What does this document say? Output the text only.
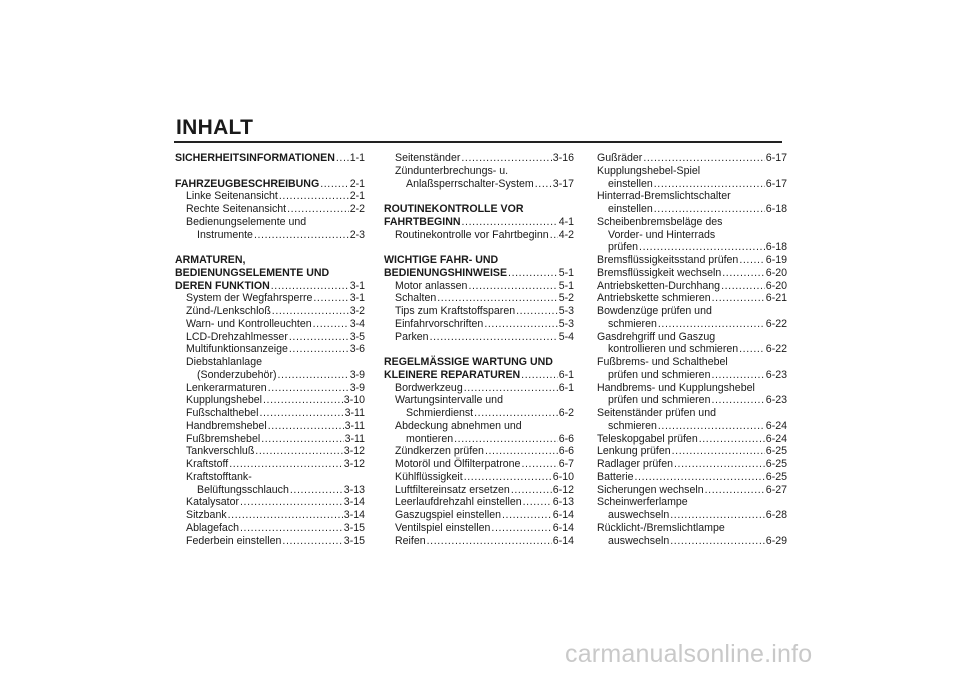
INHALT
SICHERHEITSINFORMATIONEN ..... 1-1
FAHRZEUGBESCHREIBUNG .....	2-1
Linke Seitenansicht .....	2-1
Rechte Seitenansicht .....	2-2
Bedienungselemente und
Instrumente .....	2-3
ARMATUREN,
BEDIENUNGSELEMENTE UND
DEREN FUNKTION .....	3-1
System der Wegfahrsperre .....	3-1
Zünd-/Lenkschloß .....	3-2
Warn- und Kontrolleuchten .....	3-4
LCD-Drehzahlmesser .....	3-5
Multifunktionsanzeige .....	3-6
Diebstahlanlage
(Sonderzubehör) .....	3-9
Lenkerarmaturen .....	3-9
Kupplungshebel .....	3-10
Fußschalthebel .....	3-11
Handbremshebel .....	3-11
Fußbremshebel .....	3-11
Tankverschluß .....	3-12
Kraftstoff .....	3-12
Kraftstofftank-
Belüftungsschlauch .....	3-13
Katalysator .....	3-14
Sitzbank .....	3-14
Ablagefach .....	3-15
Federbein einstellen .....	3-15
Seitenständer .....	3-16
Zündunterbrechungs- u.
Anlaßsperrschalter-System ..... 3-17
ROUTINEKONTROLLE VOR
FAHRTBEGINN .....	4-1
Routinekontrolle vor Fahrtbeginn ..... 4-2
WICHTIGE FAHR- UND
BEDIENUNGSHINWEISE .....	5-1
Motor anlassen .....	5-1
Schalten .....	5-2
Tips zum Kraftstoffsparen .....	5-3
Einfahrvorschriften .....	5-3
Parken .....	5-4
REGELMÄSSIGE WARTUNG UND
KLEINERE REPARATUREN .....	6-1
Bordwerkzeug .....	6-1
Wartungsintervalle und
Schmierdienst .....	6-2
Abdeckung abnehmen und
montieren .....	6-6
Zündkerzen prüfen .....	6-6
Motoröl und Ölfilterpatrone .....	6-7
Kühlflüssigkeit .....	6-10
Luftfiltereinsatz ersetzen .....	6-12
Leerlaufdrehzahl einstellen .....	6-13
Gaszugspiel einstellen .....	6-14
Ventilspiel einstellen .....	6-14
Reifen .....	6-14
Gußräder .....	6-17
Kupplungshebel-Spiel
einstellen .....	6-17
Hinterrad-Bremslichtschalter
einstellen .....	6-18
Scheibenbremsbeläge des
Vorder- und Hinterrads
prüfen .....	6-18
Bremsflüssigkeitsstand prüfen .....	6-19
Bremsflüssigkeit wechseln .....	6-20
Antriebsketten-Durchhang .....	6-20
Antriebskette schmieren .....	6-21
Bowdenzüge prüfen und
schmieren .....	6-22
Gasdrehgriff und Gaszug
kontrollieren und schmieren .....	6-22
Fußbrems- und Schalthebel
prüfen und schmieren .....	6-23
Handbrems- und Kupplungshebel
prüfen und schmieren .....	6-23
Seitenständer prüfen und
schmieren .....	6-24
Teleskopgabel prüfen .....	6-24
Lenkung prüfen .....	6-25
Radlager prüfen .....	6-25
Batterie .....	6-25
Sicherungen wechseln .....	6-27
Scheinwerferlampe
auswechseln .....	6-28
Rücklicht-/Bremslichtlampe
auswechseln .....	6-29
carmanualsonline.info
